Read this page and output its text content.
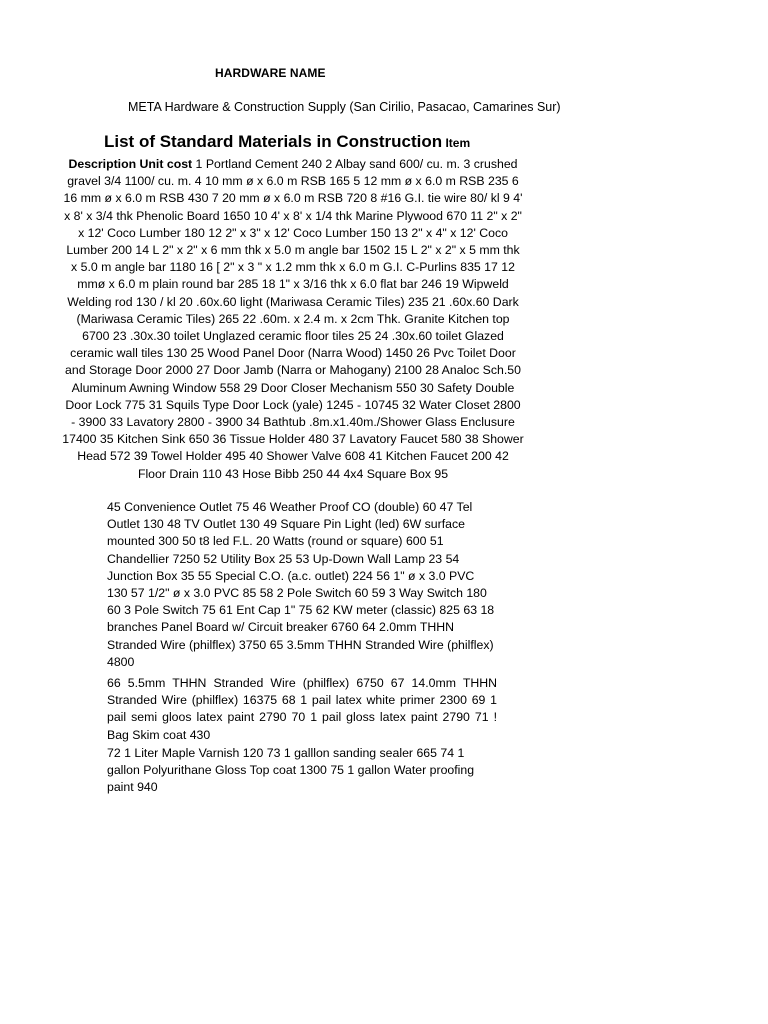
HARDWARE NAME
META Hardware & Construction Supply (San Cirilio, Pasacao, Camarines Sur)
List of Standard Materials in Construction Item
Description Unit cost 1 Portland Cement 240 2 Albay sand 600/ cu. m. 3 crushed gravel 3/4 1100/ cu. m. 4 10 mm ø x 6.0 m RSB 165 5 12 mm ø x 6.0 m RSB 235 6 16 mm ø x 6.0 m RSB 430 7 20 mm ø x 6.0 m RSB 720 8 #16 G.I. tie wire 80/ kl 9 4' x 8' x 3/4 thk Phenolic Board 1650 10 4' x 8' x 1/4 thk Marine Plywood 670 11 2" x 2" x 12' Coco Lumber 180 12 2" x 3" x 12' Coco Lumber 150 13 2" x 4" x 12' Coco Lumber 200 14 L 2" x 2" x 6 mm thk x 5.0 m angle bar 1502 15 L 2" x 2" x 5 mm thk x 5.0 m angle bar 1180 16 [ 2" x 3 " x 1.2 mm thk x 6.0 m G.I. C-Purlins 835 17 12 mmø x 6.0 m plain round bar 285 18 1" x 3/16 thk x 6.0 flat bar 246 19 Wipweld Welding rod 130 / kl 20 .60x.60 light (Mariwasa Ceramic Tiles) 235 21 .60x.60 Dark (Mariwasa Ceramic Tiles) 265 22 .60m. x 2.4 m. x 2cm Thk. Granite Kitchen top 6700 23 .30x.30 toilet Unglazed ceramic floor tiles 25 24 .30x.60 toilet Glazed ceramic wall tiles 130 25 Wood Panel Door (Narra Wood) 1450 26 Pvc Toilet Door and Storage Door 2000 27 Door Jamb (Narra or Mahogany) 2100 28 Analoc Sch.50 Aluminum Awning Window 558 29 Door Closer Mechanism 550 30 Safety Double Door Lock 775 31 Squils Type Door Lock (yale) 1245 - 10745 32 Water Closet 2800 - 3900 33 Lavatory 2800 - 3900 34 Bathtub .8m.x1.40m./Shower Glass Enclusure 17400 35 Kitchen Sink 650 36 Tissue Holder 480 37 Lavatory Faucet 580 38 Shower Head 572 39 Towel Holder 495 40 Shower Valve 608 41 Kitchen Faucet 200 42 Floor Drain 110 43 Hose Bibb 250 44 4x4 Square Box 95

45 Convenience Outlet 75 46 Weather Proof CO (double) 60 47 Tel Outlet 130 48 TV Outlet 130 49 Square Pin Light (led) 6W surface mounted 300 50 t8 led F.L. 20 Watts (round or square) 600 51 Chandellier 7250 52 Utility Box 25 53 Up-Down Wall Lamp 23 54 Junction Box 35 55 Special C.O. (a.c. outlet) 224 56 1" ø x 3.0 PVC 130 57 1/2" ø x 3.0 PVC 85 58 2 Pole Switch 60 59 3 Way Switch 180 60 3 Pole Switch 75 61 Ent Cap 1" 75 62 KW meter (classic) 825 63 18 branches Panel Board w/ Circuit breaker 6760 64 2.0mm THHN Stranded Wire (philflex) 3750 65 3.5mm THHN Stranded Wire (philflex) 4800

66 5.5mm THHN Stranded Wire (philflex) 6750 67 14.0mm THHN Stranded Wire (philflex) 16375 68 1 pail latex white primer 2300 69 1 pail semi gloos latex paint 2790 70 1 pail gloss latex paint 2790 71 ! Bag Skim coat 430

72 1 Liter Maple Varnish 120 73 1 galllon sanding sealer 665 74 1 gallon Polyurithane Gloss Top coat 1300 75 1 gallon Water proofing paint 940
